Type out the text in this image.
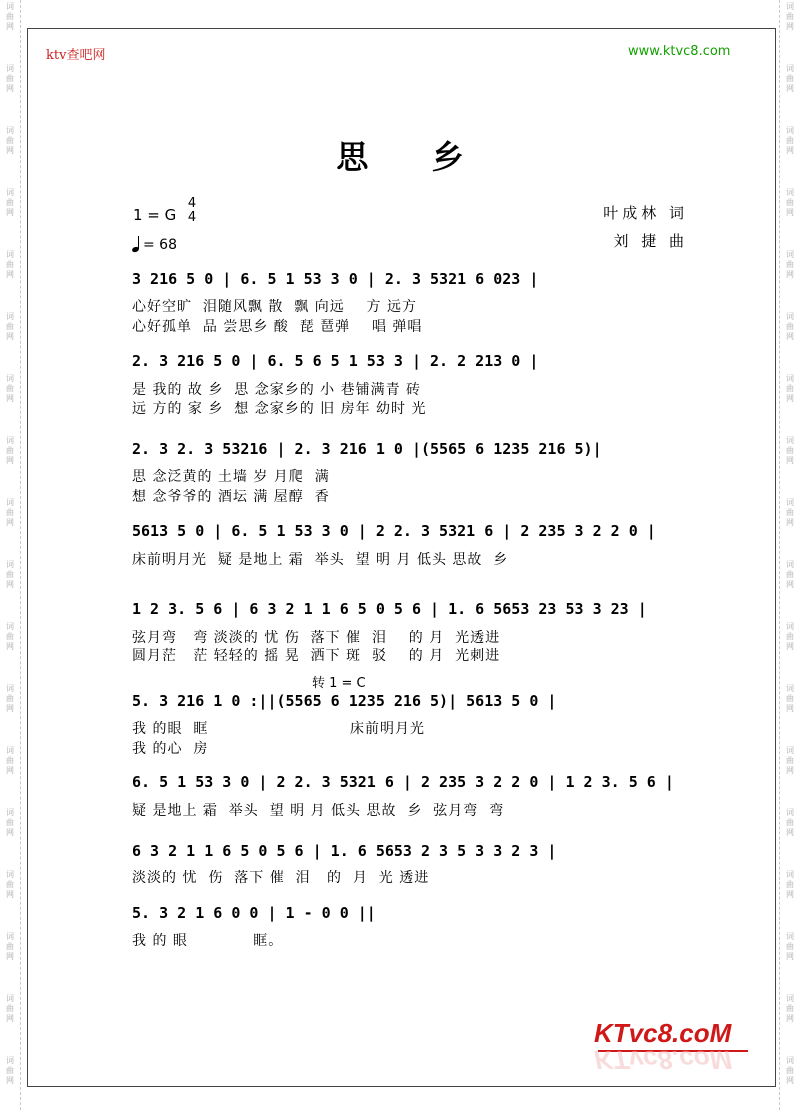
词
曲
网
词
曲
网
词
曲
网
词
曲
网
词
曲
网
词
曲
网
词
曲
网
词
曲
网
词
曲
网
词
曲
网
词
曲
网
词
曲
网
词
曲
网
词
曲
网
词
曲
网
词
曲
网
词
曲
网
词
曲
网
词
曲
网
词
曲
网
词
曲
网
词
曲
网
词
曲
网
词
曲
网
词
曲
网
词
曲
网
词
曲
网
词
曲
网
词
曲
网
词
曲
网
词
曲
网
词
曲
网
词
曲
网
词
曲
网
词
曲
网
词
曲
网
ktv查吧网	www.ktvc8.com
思 乡
1 = G
4
4
= 68
叶成林 词
刘 捷 曲
3 216 5 0 | 6. 5 1 53 3 0 | 2. 3 5321 6 023 |
心好空旷  泪随风飘 散  飘 向远    方 远方
心好孤单  品 尝思乡 酸  琵 琶弹    唱 弹唱
2. 3 216 5 0 | 6. 5 6 5 1 53 3 | 2. 2 213 0 |
是 我的 故 乡  思 念家乡的 小 巷铺满青 砖
远 方的 家 乡  想 念家乡的 旧 房年 幼时 光
2. 3 2. 3 53216 | 2. 3 216 1 0 |(5565 6 1235 216 5)|
思 念泛黄的 土墙 岁 月爬  满
想 念爷爷的 酒坛 满 屋醇  香
5613 5 0 | 6. 5 1 53 3 0 | 2 2. 3 5321 6 | 2 235 3 2 2 0 |
床前明月光  疑 是地上 霜  举头  望 明 月 低头 思故  乡
1 2 3. 5 6 | 6 3 2 1 1 6 5 0 5 6 | 1. 6 5653 23 53 3 23 |
弦月弯   弯 淡淡的 忧 伤  落下 催  泪    的 月  光透进
圆月茫   茫 轻轻的 摇 晃  洒下 斑  驳    的 月  光刺进
转 1 = C
5. 3 216 1 0 :||(5565 6 1235 216 5)| 5613 5 0 |
我 的眼  眶                          床前明月光
我 的心  房
6. 5 1 53 3 0 | 2 2. 3 5321 6 | 2 235 3 2 2 0 | 1 2 3. 5 6 |
疑 是地上 霜  举头  望 明 月 低头 思故  乡  弦月弯  弯
6 3 2 1 1 6 5 0 5 6 | 1. 6 5653 2 3 5 3 3 2 3 |
淡淡的 忧  伤  落下 催  泪   的  月  光 透进
5. 3 2 1 6 0 0 | 1 - 0 0 ||
我 的 眼            眶。
KTvc8.coM
KTvc8.coM
